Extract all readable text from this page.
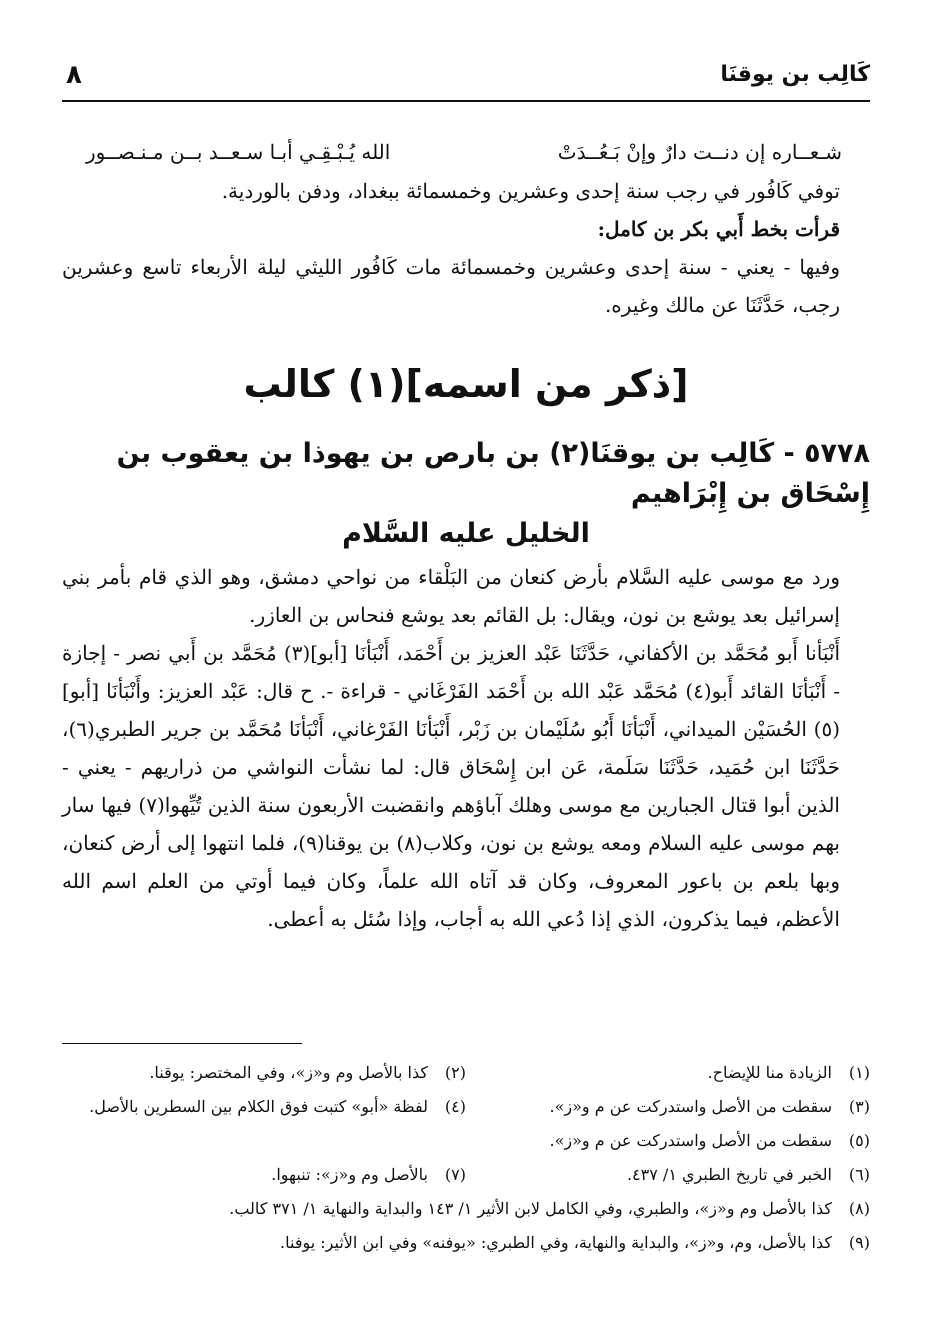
كَالِب بن يوقنَا
٨
شـعــاره إن دنــت دارٌ وإنْ بَـعُــدَتْ
الله يُـبْـقِـي أبـا سـعــد بــن مـنـصــور

توفي كَافُور في رجب سنة إحدى وعشرين وخمسمائة ببغداد، ودفن بالوردية.

قرأت بخط أَبي بكر بن كامل:

وفيها - يعني - سنة إحدى وعشرين وخمسمائة مات كَافُور الليثي ليلة الأربعاء تاسع وعشرين رجب، حَدَّثَنَا عن مالك وغيره.

[ذكر من اسمه](١) كالب
٥٧٧٨ - كَالِب بن يوقنَا(٢) بن بارص بن يهوذا بن يعقوب بن إِسْحَاق بن إِبْرَاهيم
الخليل عليه السَّلام

ورد مع موسى عليه السَّلام بأرض كنعان من البَلْقاء من نواحي دمشق، وهو الذي قام بأمر بني إسرائيل بعد يوشع بن نون، ويقال: بل القائم بعد يوشع فنحاس بن العازر.

أَنْبَأنا أَبو مُحَمَّد بن الأكفاني، حَدَّثَنَا عَبْد العزيز بن أَحْمَد، أَنْبَأنَا [أبو](٣) مُحَمَّد بن أَبي نصر - إجازة - أَنْبَأنَا القائد أَبو(٤) مُحَمَّد عَبْد الله بن أَحْمَد الفَرْغَاني - قراءة -. ح قال: عَبْد العزيز: وأَنْبَأنَا [أبو](٥) الحُسَيْن الميداني، أَنْبَأنَا أَبُو سُلَيْمان بن زَبْر، أَنْبَأنَا الفَرْغاني، أَنْبَأنَا مُحَمَّد بن جرير الطبري(٦)، حَدَّثَنَا ابن حُمَيد، حَدَّثَنَا سَلَمة، عَن ابن إِسْحَاق قال: لما نشأت النواشي من ذراريهم - يعني - الذين أبوا قتال الجبارين مع موسى وهلك آباؤهم وانقضبت الأربعون سنة الذين تُيِّهوا(٧) فيها سار بهم موسى عليه السلام ومعه يوشع بن نون، وكلاب(٨) بن يوقنا(٩)، فلما انتهوا إلى أرض كنعان، وبها بلعم بن باعور المعروف، وكان قد آتاه الله علماً، وكان فيما أوتي من العلم اسم الله الأعظم، فيما يذكرون، الذي إذا دُعي الله به أجاب، وإذا سُئل به أعطى.

(١)
الزيادة منا للإيضاح.
(٢)
كذا بالأصل وم و«ز»، وفي المختصر: يوقنا.
(٣)
سقطت من الأصل واستدركت عن م و«ز».
(٤)
لفظة «أبو» كتبت فوق الكلام بين السطرين بالأصل.
(٥)
سقطت من الأصل واستدركت عن م و«ز».
(٦)
الخبر في تاريخ الطبري ١/ ٤٣٧.
(٧)
بالأصل وم و«ز»: تنبهوا.
(٨)
كذا بالأصل وم و«ز»، والطبري، وفي الكامل لابن الأثير ١/ ١٤٣ والبداية والنهاية ١/ ٣٧١ كالب.
(٩)
كذا بالأصل، وم، و«ز»، والبداية والنهاية، وفي الطبري: «يوفنه» وفي ابن الأثير: يوفنا.
